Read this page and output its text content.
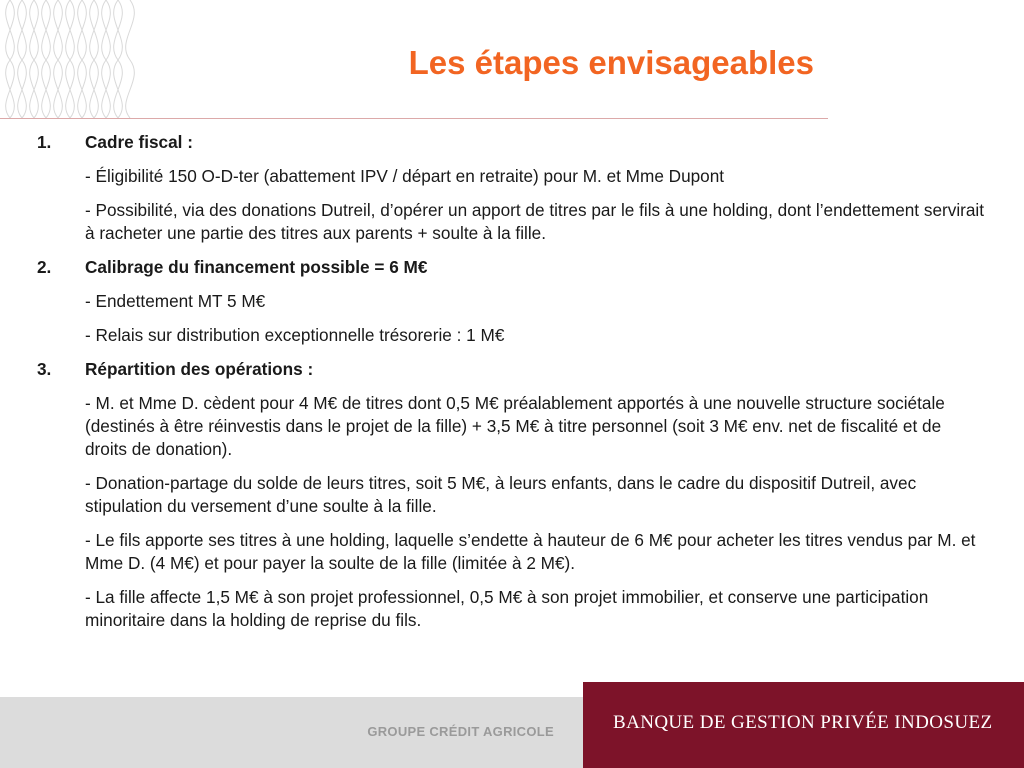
Les étapes envisageables
1.	Cadre fiscal :
- Éligibilité 150 O-D-ter (abattement IPV / départ en retraite) pour M. et Mme Dupont
- Possibilité, via des donations Dutreil, d’opérer un apport de titres par le fils à une holding, dont l’endettement servirait à racheter une partie des titres aux parents + soulte à la fille.
2.	Calibrage du financement possible = 6 M€
- Endettement MT 5 M€
- Relais sur distribution exceptionnelle trésorerie : 1 M€
3.	Répartition des opérations :
- M. et Mme D. cèdent pour 4 M€ de titres dont 0,5 M€ préalablement apportés à une nouvelle structure sociétale (destinés à être réinvestis dans le projet de la fille) + 3,5 M€ à titre personnel (soit 3 M€ env. net de fiscalité et de droits de donation).
- Donation-partage du solde de leurs titres, soit 5 M€, à leurs enfants, dans le cadre du dispositif Dutreil, avec stipulation du versement d’une soulte à la fille.
- Le fils apporte ses titres à une holding, laquelle s’endette à hauteur de 6 M€ pour acheter les titres vendus par M. et Mme D. (4 M€) et pour payer la soulte de la fille (limitée à 2 M€).
- La fille affecte 1,5 M€ à son projet professionnel, 0,5 M€ à son projet immobilier, et conserve une participation minoritaire dans la holding de reprise du fils.
GROUPE CRÉDIT AGRICOLE	BANQUE DE GESTION PRIVÉE INDOSUEZ
